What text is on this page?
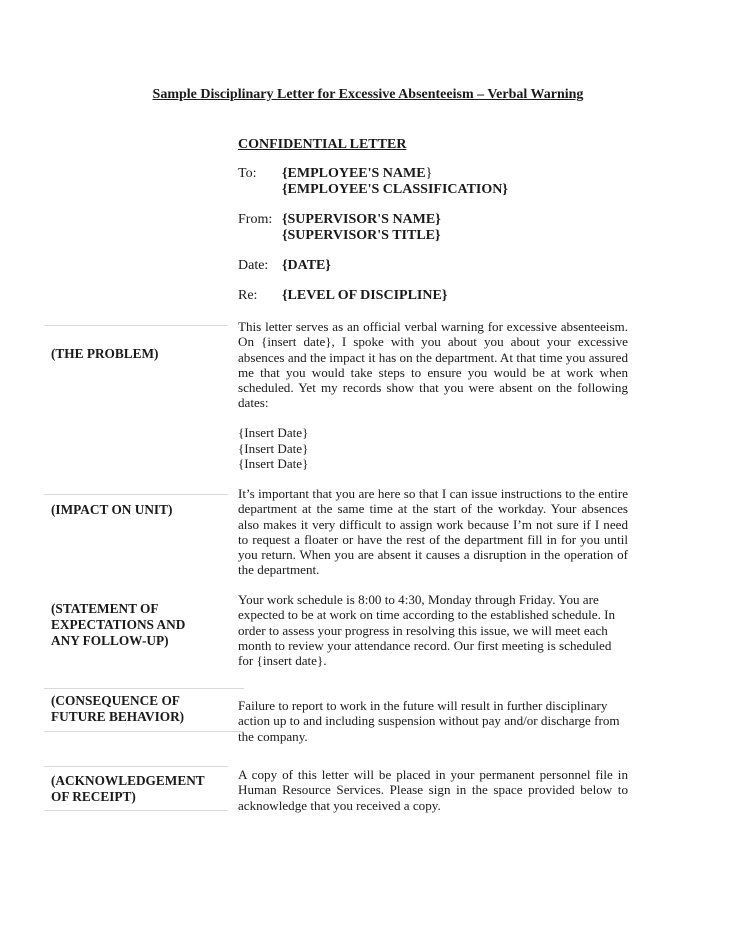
Sample Disciplinary Letter for Excessive Absenteeism – Verbal Warning
CONFIDENTIAL LETTER
To:	{EMPLOYEE'S NAME}
{EMPLOYEE'S CLASSIFICATION}
From: {SUPERVISOR'S NAME}
{SUPERVISOR'S TITLE}
Date: {DATE}
Re:	{LEVEL OF DISCIPLINE}
(THE PROBLEM)
(IMPACT ON UNIT)
(STATEMENT OF
EXPECTATIONS AND
ANY FOLLOW-UP)
(CONSEQUENCE OF
FUTURE BEHAVIOR)
(ACKNOWLEDGEMENT
OF RECEIPT)

This letter serves as an official verbal warning for excessive absenteeism. On {insert date}, I spoke with you about you about your excessive absences and the impact it has on the department. At that time you assured me that you would take steps to ensure you would be at work when scheduled. Yet my records show that you were absent on the following dates:

{Insert Date}
{Insert Date}
{Insert Date}

It’s important that you are here so that I can issue instructions to the entire department at the same time at the start of the workday. Your absences also makes it very difficult to assign work because I’m not sure if I need to request a floater or have the rest of the department fill in for you until you return. When you are absent it causes a disruption in the operation of the department.

Your work schedule is 8:00 to 4:30, Monday through Friday. You are expected to be at work on time according to the established schedule. In order to assess your progress in resolving this issue, we will meet each month to review your attendance record. Our first meeting is scheduled for {insert date}.

Failure to report to work in the future will result in further disciplinary action up to and including suspension without pay and/or discharge from the company.

A copy of this letter will be placed in your permanent personnel file in Human Resource Services. Please sign in the space provided below to acknowledge that you received a copy.
